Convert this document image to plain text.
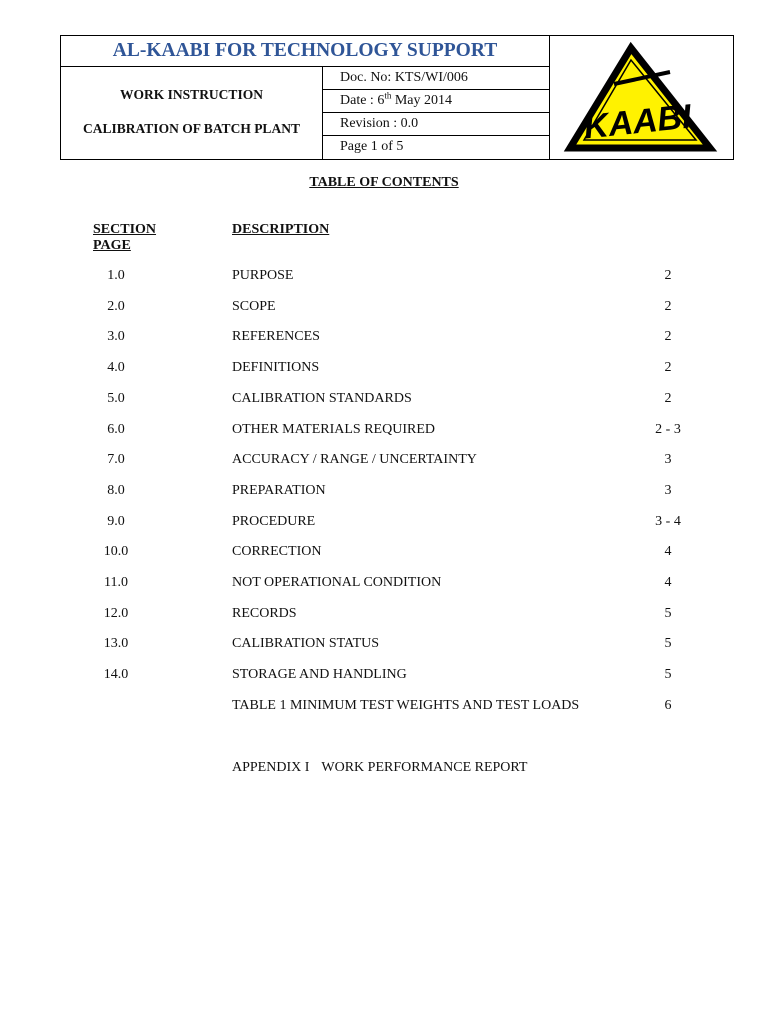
AL-KAABI FOR TECHNOLOGY SUPPORT
WORK INSTRUCTION
CALIBRATION OF BATCH PLANT
Doc. No: KTS/WI/006
Date : 6th May 2014
Revision : 0.0
Page 1 of 5	KAABI
TABLE OF CONTENTS
SECTION
PAGE
DESCRIPTION
1.0	PURPOSE	2
2.0	SCOPE	2
3.0	REFERENCES	2
4.0	DEFINITIONS	2
5.0	CALIBRATION STANDARDS	2
6.0	OTHER MATERIALS REQUIRED	2 - 3
7.0	ACCURACY / RANGE / UNCERTAINTY	3
8.0	PREPARATION	3
9.0	PROCEDURE	3 - 4
10.0	CORRECTION	4
11.0	NOT OPERATIONAL CONDITION	4
12.0	RECORDS	5
13.0	CALIBRATION STATUS	5
14.0	STORAGE AND HANDLING	5
TABLE 1 MINIMUM TEST WEIGHTS AND TEST LOADS	6
APPENDIX I WORK PERFORMANCE REPORT
